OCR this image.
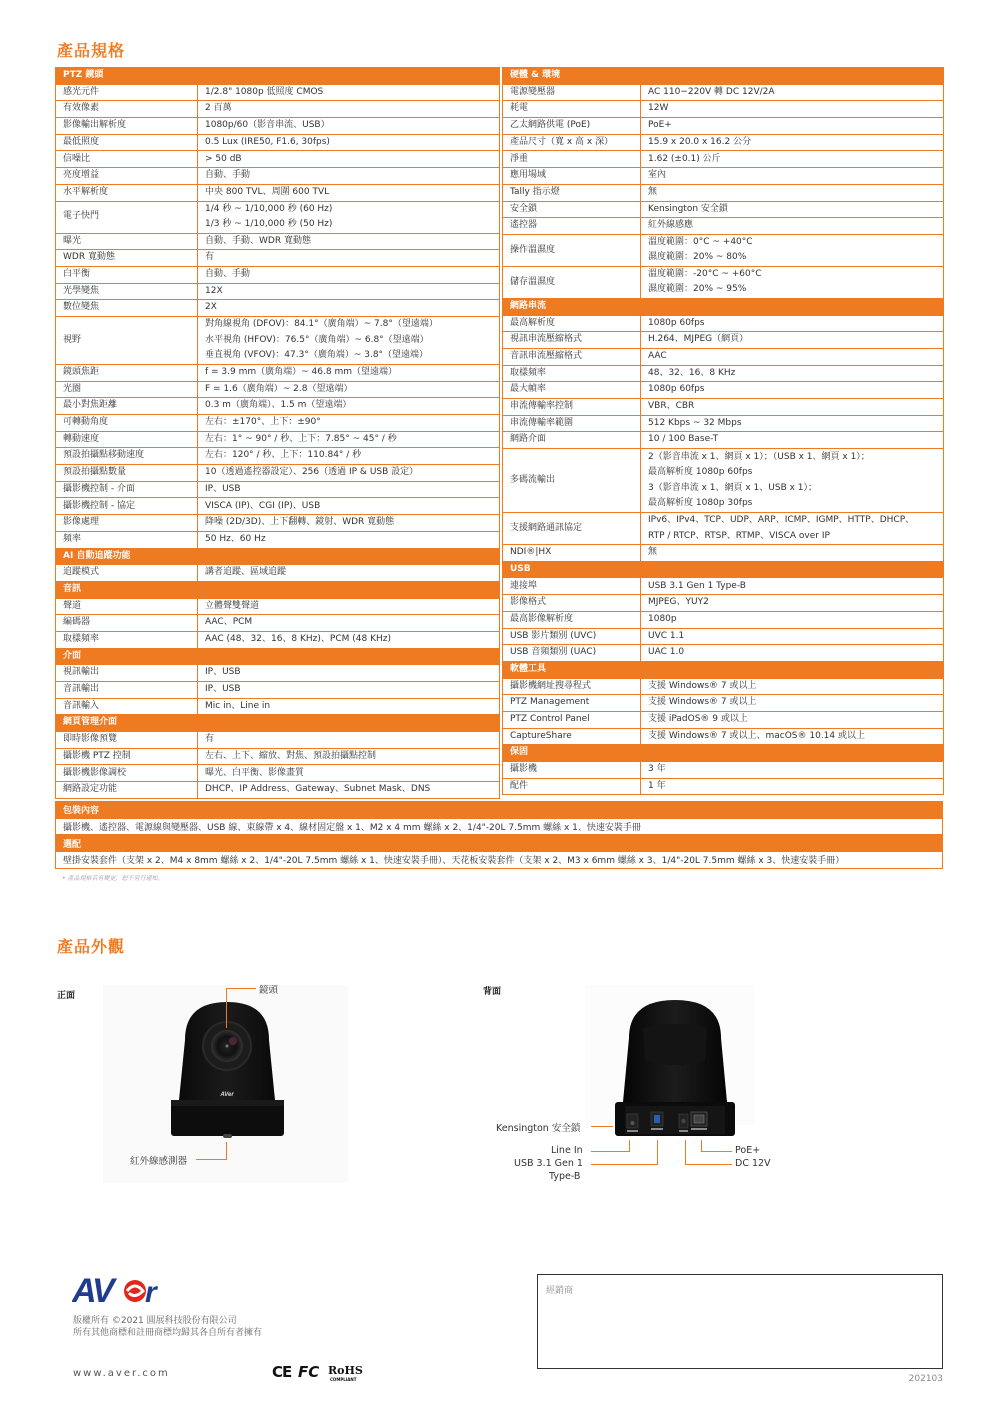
產品規格
PTZ 鏡頭	
感光元件	1/2.8" 1080p 低照度 CMOS

有效像素	2 百萬

影像輸出解析度	1080p/60（影音串流、USB）

最低照度	0.5 Lux (IRE50, F1.6, 30fps)

信噪比	> 50 dB

亮度增益	自動、手動

水平解析度	中央 800 TVL、周圍 600 TVL

電子快門	1/4 秒 ~ 1/10,000 秒 (60 Hz)
1/3 秒 ~ 1/10,000 秒 (50 Hz)

曝光	自動、手動、WDR 寬動態

WDR 寬動態	有

白平衡	自動、手動

光學變焦	12X

數位變焦	2X

視野	對角線視角 (DFOV)：84.1°（廣角端）~ 7.8°（望遠端）
水平視角 (HFOV)：76.5°（廣角端）~ 6.8°（望遠端）
垂直視角 (VFOV)：47.3°（廣角端）~ 3.8°（望遠端）

鏡頭焦距	f = 3.9 mm（廣角端）~ 46.8 mm（望遠端）

光圈	F = 1.6（廣角端）~ 2.8（望遠端）

最小對焦距離	0.3 m（廣角端）、1.5 m（望遠端）

可轉動角度	左右：±170°、上下：±90°

轉動速度	左右：1° ~ 90° / 秒、上下：7.85° ~ 45° / 秒

預設拍攝點移動速度	左右：120° / 秒、上下：110.84° / 秒

預設拍攝點數量	10（透過遙控器設定）、256（透過 IP & USB 設定）

攝影機控制 - 介面	IP、USB

攝影機控制 - 協定	VISCA (IP)、CGI (IP)、USB

影像處理	降噪 (2D/3D)、上下翻轉、鏡射、WDR 寬動態

頻率	50 Hz、60 Hz

AI 自動追蹤功能	
追蹤模式	講者追蹤、區域追蹤

音訊	
聲道	立體聲雙聲道

編碼器	AAC、PCM

取樣頻率	AAC (48、32、16、8 KHz)、PCM (48 KHz)

介面	
視訊輸出	IP、USB

音訊輸出	IP、USB

音訊輸入	Mic in、Line in

網頁管理介面	
即時影像預覽	有

攝影機 PTZ 控制	左右、上下、縮放、對焦、預設拍攝點控制

攝影機影像調校	曝光、白平衡、影像畫質

網路設定功能	DHCP、IP Address、Gateway、Subnet Mask、DNS
硬體 & 環境	
電源變壓器	AC 110−220V 轉 DC 12V/2A

耗電	12W

乙太網路供電 (PoE)	PoE+

產品尺寸（寬 x 高 x 深）	15.9 x 20.0 x 16.2 公分

淨重	1.62 (±0.1) 公斤

應用場域	室內

Tally 指示燈	無

安全鎖	Kensington 安全鎖

遙控器	紅外線感應

操作溫濕度	溫度範圍：0°C ~ +40°C
濕度範圍：20% ~ 80%

儲存溫濕度	溫度範圍：-20°C ~ +60°C
濕度範圍：20% ~ 95%

網路串流	
最高解析度	1080p 60fps

視訊串流壓縮格式	H.264、MJPEG（網頁）

音訊串流壓縮格式	AAC

取樣頻率	48、32、16、8 KHz

最大幀率	1080p 60fps

串流傳輸率控制	VBR、CBR

串流傳輸率範圍	512 Kbps ~ 32 Mbps

網路介面	10 / 100 Base-T

多碼流輸出	2（影音串流 x 1、網頁 x 1）；（USB x 1、網頁 x 1）；
最高解析度 1080p 60fps
3（影音串流 x 1、網頁 x 1、USB x 1）；
最高解析度 1080p 30fps

支援網路通訊協定	IPv6、IPv4、TCP、UDP、ARP、ICMP、IGMP、HTTP、DHCP、
RTP / RTCP、RTSP、RTMP、VISCA over IP

NDI®|HX	無

USB	
連接埠	USB 3.1 Gen 1 Type-B

影像格式	MJPEG、YUY2

最高影像解析度	1080p

USB 影片類別 (UVC)	UVC 1.1

USB 音頻類別 (UAC)	UAC 1.0

軟體工具	
攝影機網址搜尋程式	支援 Windows® 7 或以上

PTZ Management	支援 Windows® 7 或以上

PTZ Control Panel	支援 iPadOS® 9 或以上

CaptureShare	支援 Windows® 7 或以上、macOS® 10.14 或以上

保固	
攝影機	3 年

配件	1 年
包裝內容
攝影機、遙控器、電源線與變壓器、USB 線、束線帶 x 4、線材固定盤 x 1、M2 x 4 mm 螺絲 x 2、1/4"-20L 7.5mm 螺絲 x 1、快速安裝手冊
選配
壁掛安裝套件（支架 x 2、M4 x 8mm 螺絲 x 2、1/4"-20L 7.5mm 螺絲 x 1、快速安裝手冊）、天花板安裝套件（支架 x 2、M3 x 6mm 螺絲 x 3、1/4"-20L 7.5mm 螺絲 x 3、快速安裝手冊）
• 產品規格若有變更，恕不另行通知。
產品外觀
正面
AVer
鏡頭
紅外線感測器
背面
Kensington 安全鎖
Line In
USB 3.1 Gen 1
Type-B
PoE+
DC 12V
AV r
版權所有 ©2021 圓展科技股份有限公司
所有其他商標和註冊商標均歸其各自所有者擁有
www.aver.com	CE FC RoHS
COMPLIANT
經銷商
202103
